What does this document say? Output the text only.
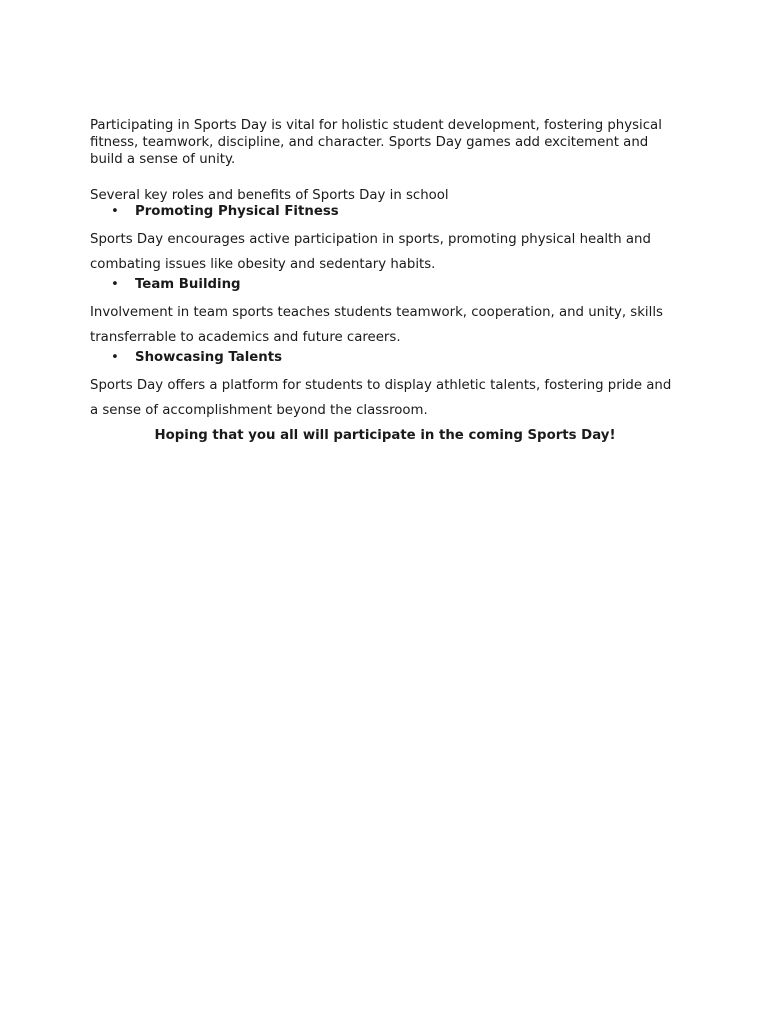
Participating in Sports Day is vital for holistic student development, fostering physical fitness, teamwork, discipline, and character. Sports Day games add excitement and build a sense of unity.

Several key roles and benefits of Sports Day in school

• Promoting Physical Fitness

Sports Day encourages active participation in sports, promoting physical health and combating issues like obesity and sedentary habits.

• Team Building

Involvement in team sports teaches students teamwork, cooperation, and unity, skills transferrable to academics and future careers.

• Showcasing Talents

Sports Day offers a platform for students to display athletic talents, fostering pride and a sense of accomplishment beyond the classroom.

Hoping that you all will participate in the coming Sports Day!
